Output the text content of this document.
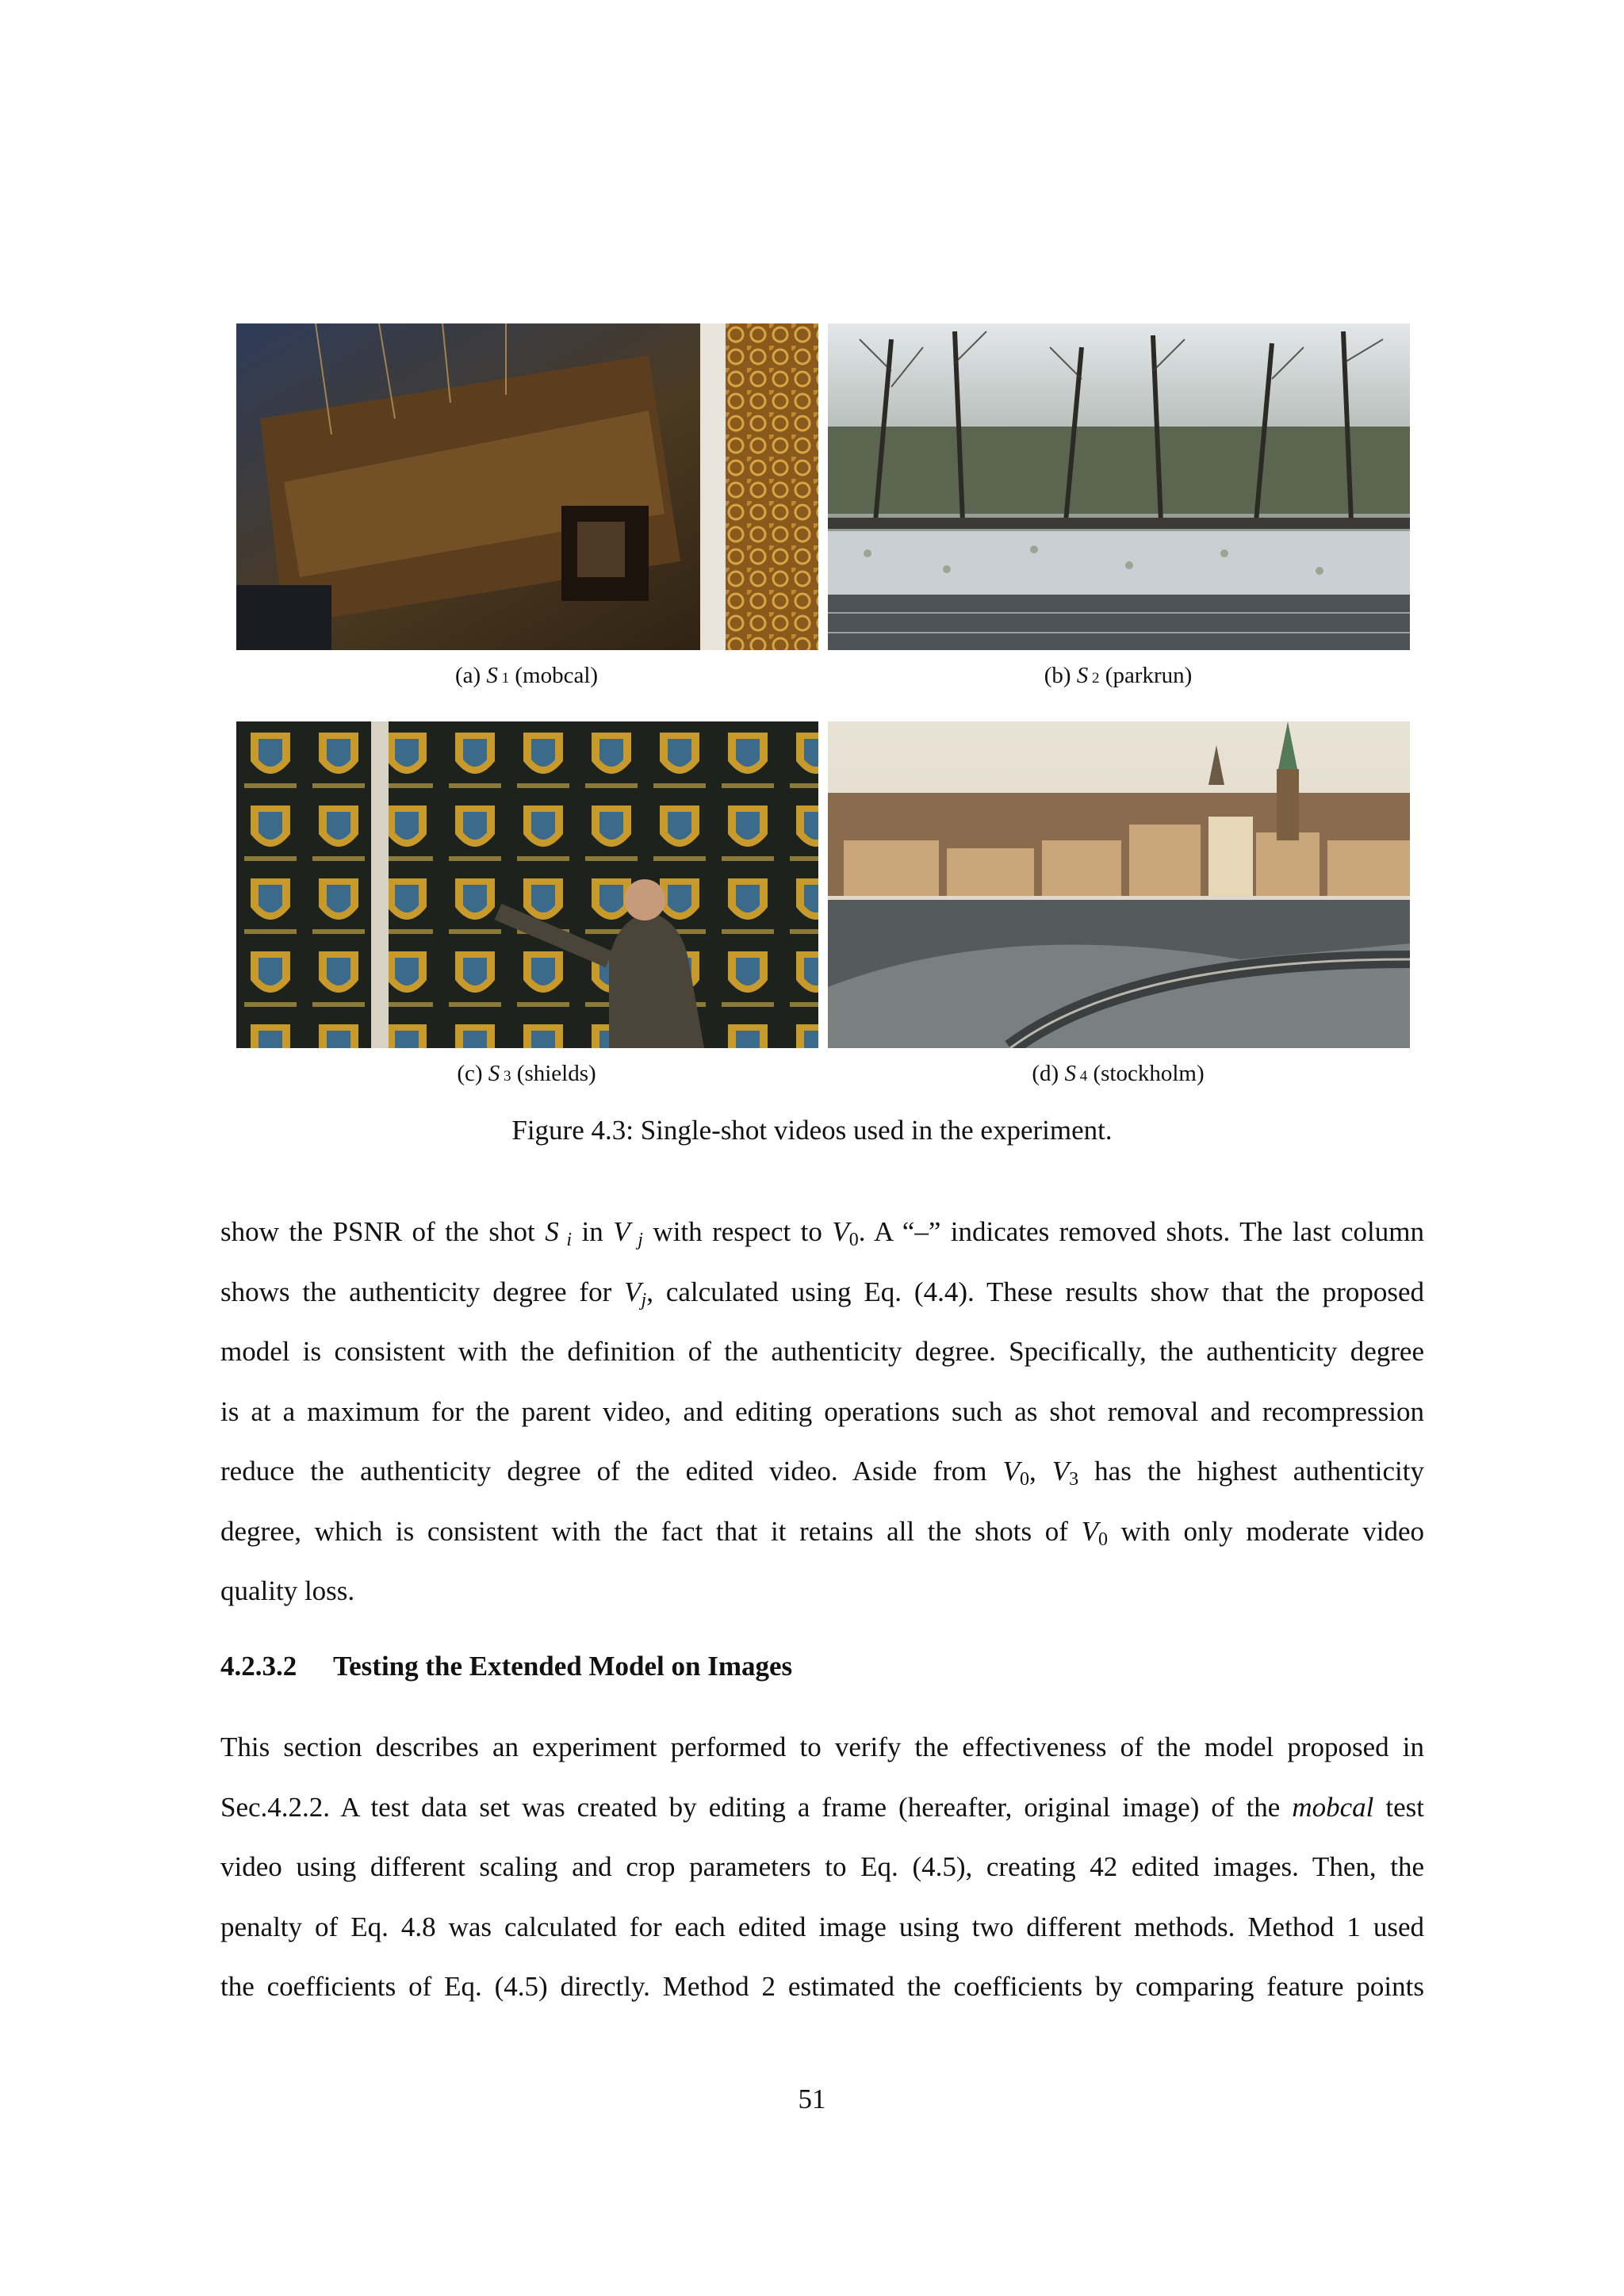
(a) S 1 (mobcal)	(b) S 2 (parkrun)
(c) S 3 (shields)	(d) S 4 (stockholm)
Figure 4.3: Single-shot videos used in the experiment.
show the PSNR of the shot S $_i$ in V $_j$ with respect to $V_0$. A “–” indicates removed shots. The last column
shows the authenticity degree for $V_j$, calculated using Eq. (4.4). These results show that the proposed
model is consistent with the definition of the authenticity degree. Specifically, the authenticity degree
is at a maximum for the parent video, and editing operations such as shot removal and recompression
reduce the authenticity degree of the edited video. Aside from $V_0$, $V_3$ has the highest authenticity
degree, which is consistent with the fact that it retains all the shots of $V_0$ with only moderate video
quality loss.
4.2.3.2 Testing the Extended Model on Images
This section describes an experiment performed to verify the effectiveness of the model proposed in
Sec.4.2.2. A test data set was created by editing a frame (hereafter, original image) of the mobcal test
video using different scaling and crop parameters to Eq. (4.5), creating 42 edited images. Then, the
penalty of Eq. 4.8 was calculated for each edited image using two different methods. Method 1 used
the coefficients of Eq. (4.5) directly. Method 2 estimated the coefficients by comparing feature points
51
